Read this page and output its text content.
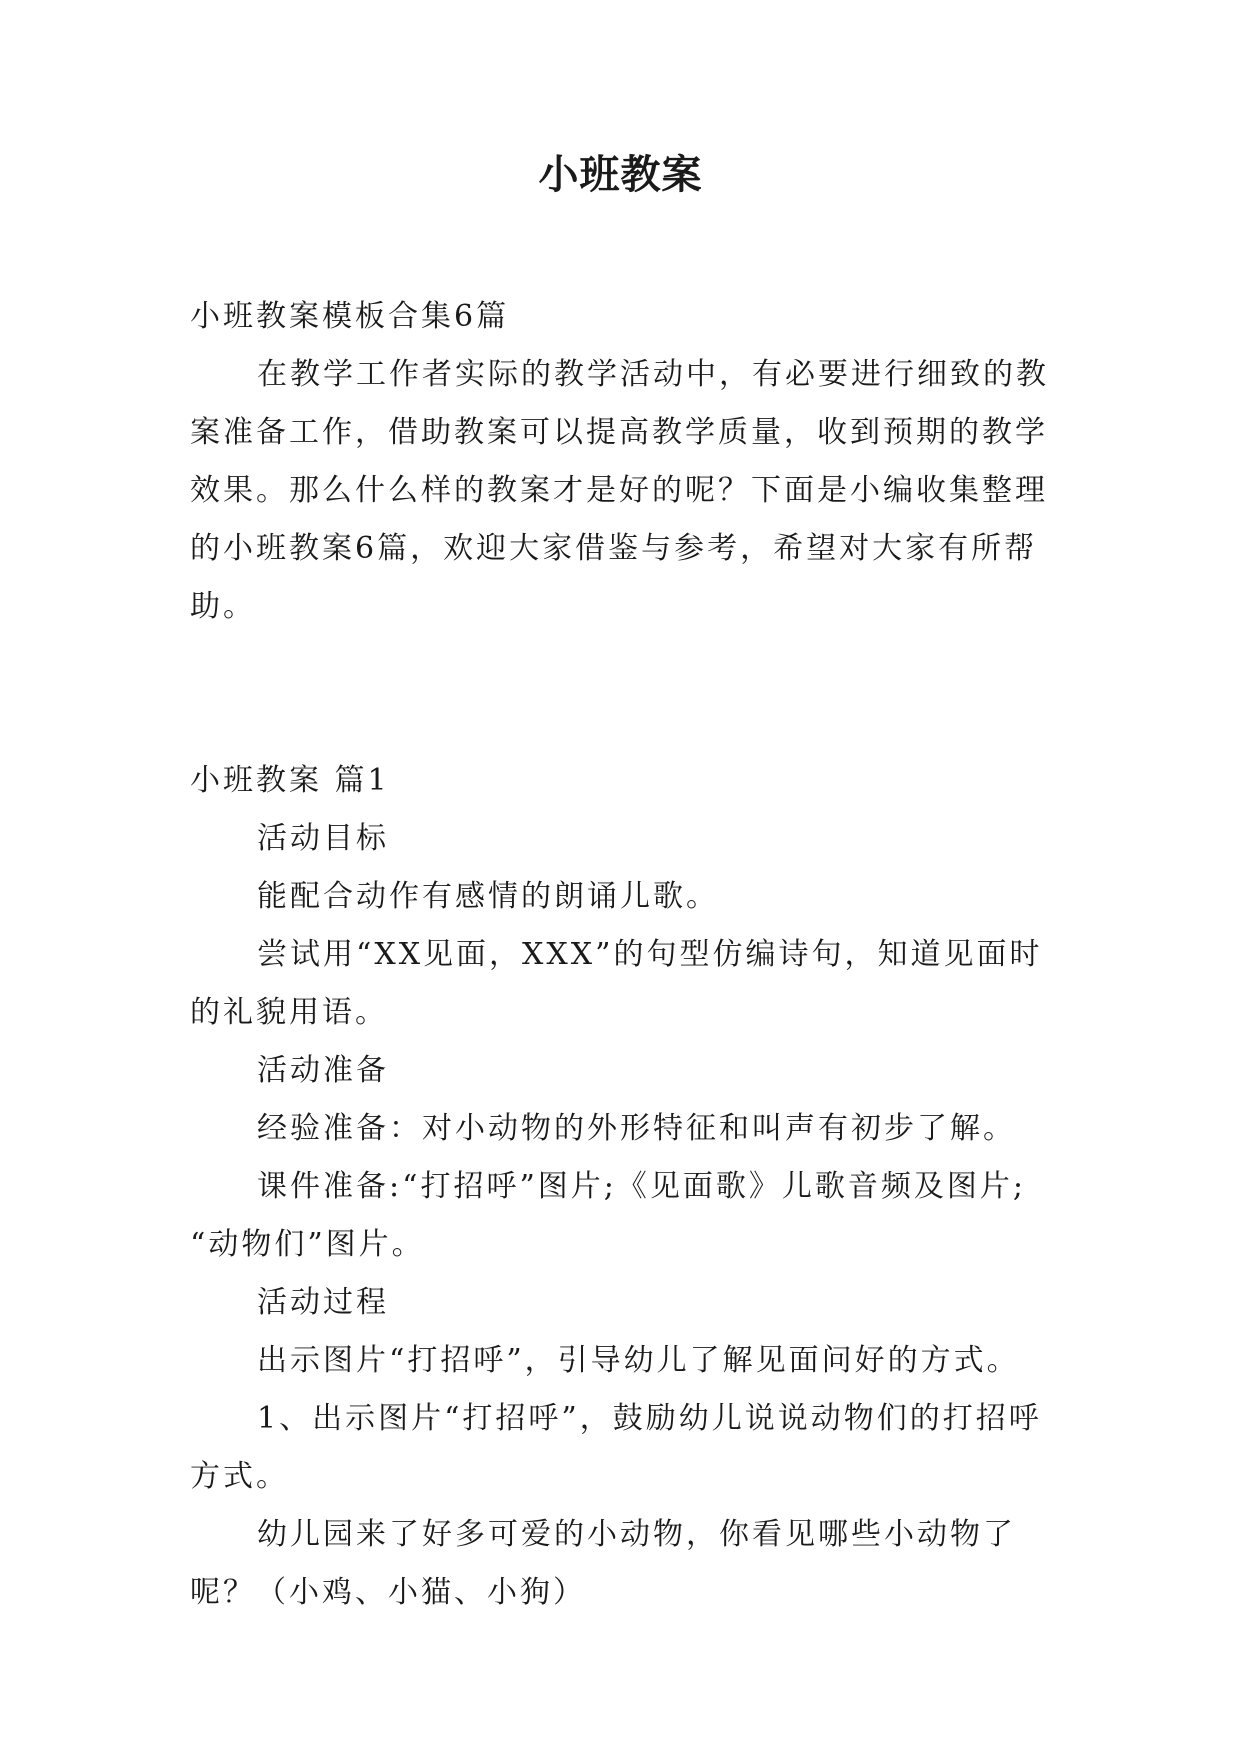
小班教案
小班教案模板合集6篇
在教学工作者实际的教学活动中，有必要进行细致的教
案准备工作，借助教案可以提高教学质量，收到预期的教学
效果。那么什么样的教案才是好的呢？下面是小编收集整理
的小班教案6篇，欢迎大家借鉴与参考，希望对大家有所帮
助。
小班教案 篇1
活动目标
能配合动作有感情的朗诵儿歌。
尝试用“XX见面，XXX”的句型仿编诗句，知道见面时
的礼貌用语。
活动准备
经验准备：对小动物的外形特征和叫声有初步了解。
课件准备:“打招呼”图片;《见面歌》儿歌音频及图片;
“动物们”图片。
活动过程
出示图片“打招呼”，引导幼儿了解见面问好的方式。
1、出示图片“打招呼”，鼓励幼儿说说动物们的打招呼
方式。
幼儿园来了好多可爱的小动物，你看见哪些小动物了
呢？（小鸡、小猫、小狗）
